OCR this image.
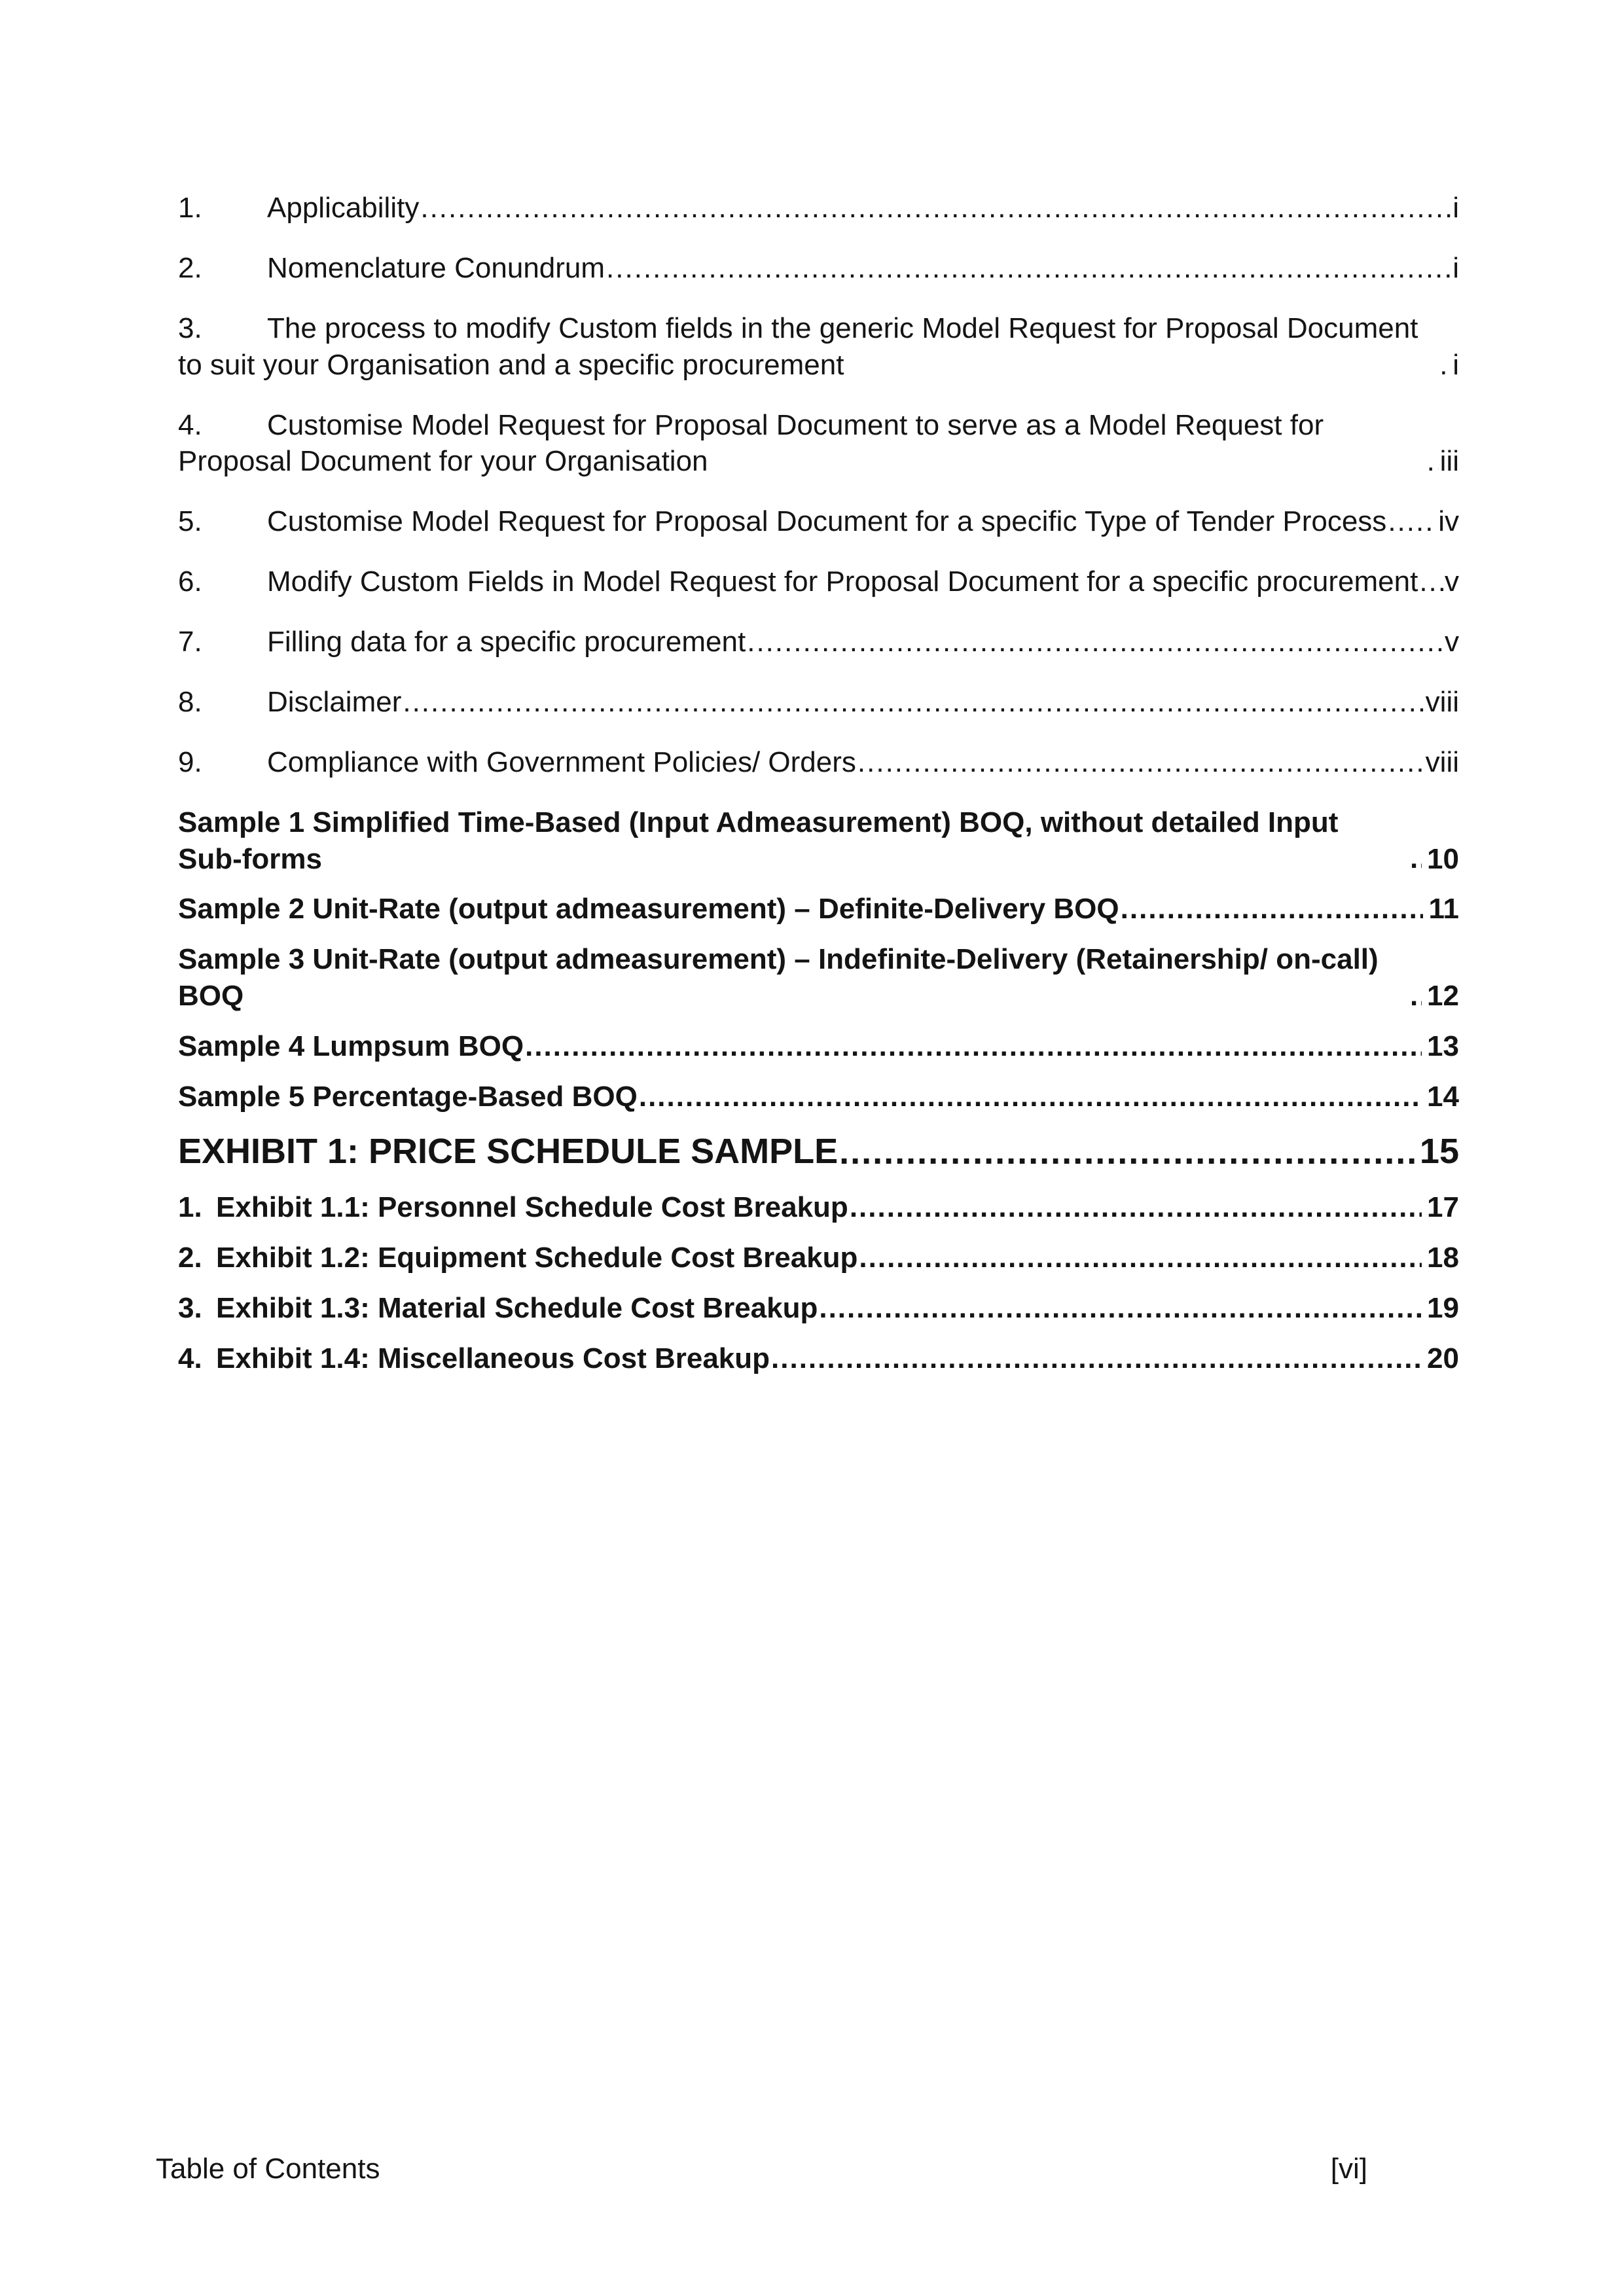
1. Applicability .....	i
2. Nomenclature Conundrum .....	i
3. The process to modify Custom fields in the generic Model Request for Proposal Document to suit your Organisation and a specific procurement .....	i
4. Customise Model Request for Proposal Document to serve as a Model Request for Proposal Document for your Organisation .....	iii
5. Customise Model Request for Proposal Document for a specific Type of Tender Process ..... iv
6. Modify Custom Fields in Model Request for Proposal Document for a specific procurement ..... v
7. Filling data for a specific procurement .....	v
8. Disclaimer .....	viii
9. Compliance with Government Policies/ Orders .....	viii
Sample 1 Simplified Time-Based (Input Admeasurement) BOQ, without detailed Input Sub-forms .....	10
Sample 2 Unit-Rate (output admeasurement) – Definite-Delivery BOQ .....	11
Sample 3 Unit-Rate (output admeasurement) – Indefinite-Delivery (Retainership/ on-call) BOQ .....	12
Sample 4 Lumpsum BOQ .....	13
Sample 5 Percentage-Based BOQ .....	14
EXHIBIT 1: PRICE SCHEDULE SAMPLE .....	15
1. Exhibit 1.1: Personnel Schedule Cost Breakup .....	17
2. Exhibit 1.2: Equipment Schedule Cost Breakup .....	18
3. Exhibit 1.3: Material Schedule Cost Breakup .....	19
4. Exhibit 1.4: Miscellaneous Cost Breakup .....	20
Table of Contents	[vi]
